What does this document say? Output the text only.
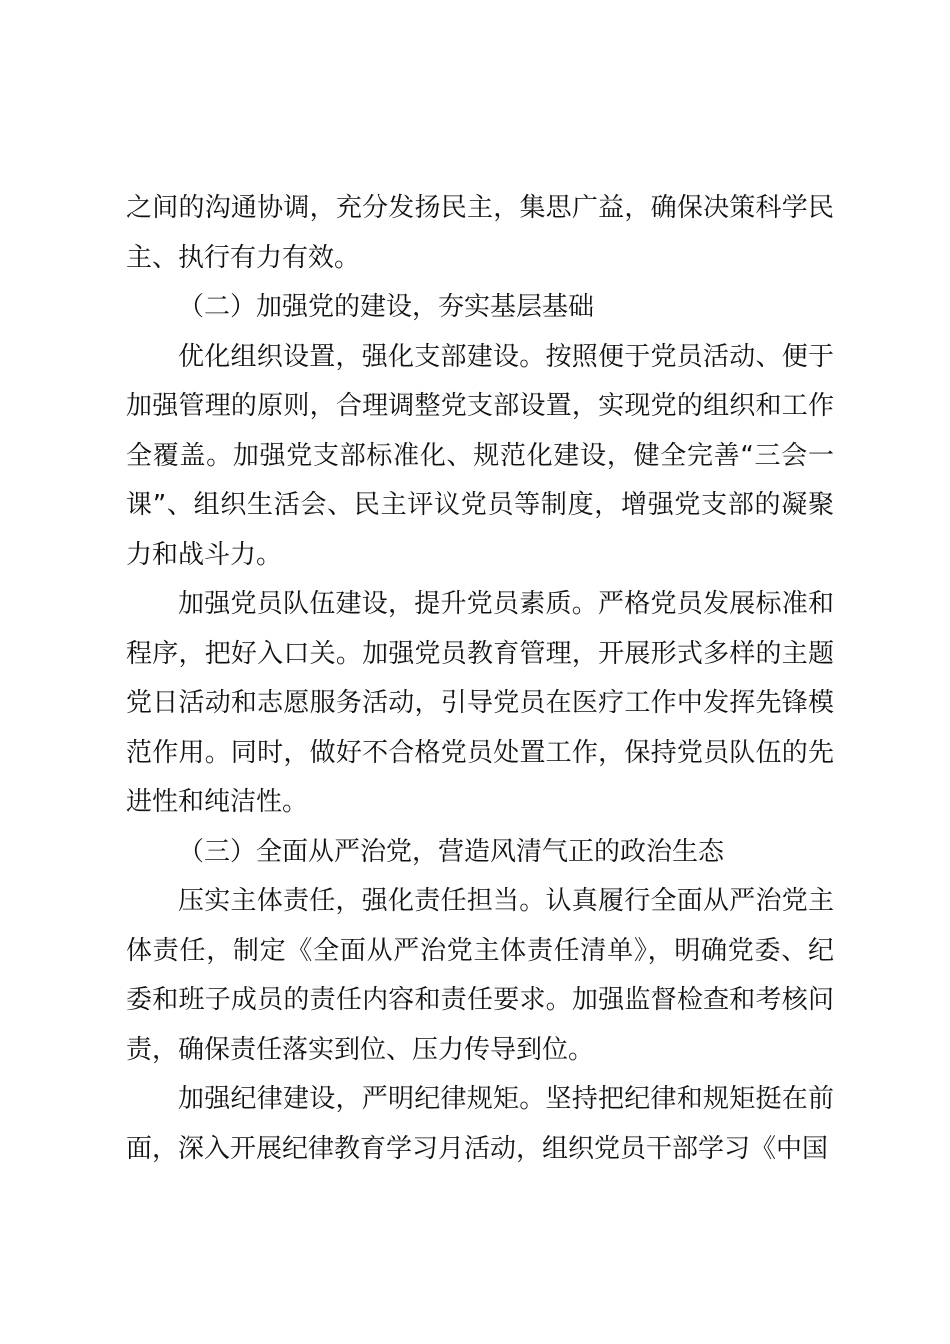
之间的沟通协调，充分发扬民主，集思广益，确保决策科学民主、执行有力有效。

（二）加强党的建设，夯实基层基础

优化组织设置，强化支部建设。按照便于党员活动、便于加强管理的原则，合理调整党支部设置，实现党的组织和工作全覆盖。加强党支部标准化、规范化建设，健全完善“三会一课”、组织生活会、民主评议党员等制度，增强党支部的凝聚力和战斗力。

加强党员队伍建设，提升党员素质。严格党员发展标准和程序，把好入口关。加强党员教育管理，开展形式多样的主题党日活动和志愿服务活动，引导党员在医疗工作中发挥先锋模范作用。同时，做好不合格党员处置工作，保持党员队伍的先进性和纯洁性。

（三）全面从严治党，营造风清气正的政治生态

压实主体责任，强化责任担当。认真履行全面从严治党主体责任，制定《全面从严治党主体责任清单》，明确党委、纪委和班子成员的责任内容和责任要求。加强监督检查和考核问责，确保责任落实到位、压力传导到位。

加强纪律建设，严明纪律规矩。坚持把纪律和规矩挺在前面，深入开展纪律教育学习月活动，组织党员干部学习《中国
